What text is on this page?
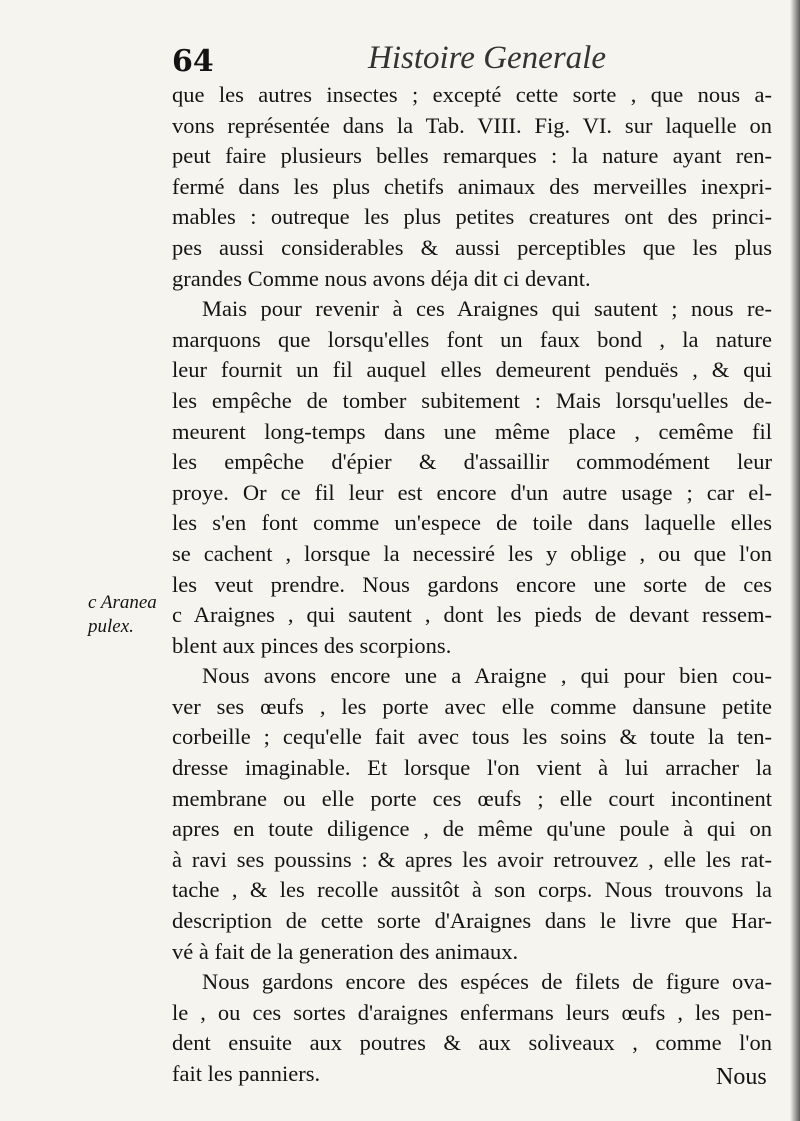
64	Histoire Generale
c Aranea
pulex.
que les autres insectes ; excepté cette sorte , que nous a-
vons représentée dans la Tab. VIII. Fig. VI. sur laquelle on
peut faire plusieurs belles remarques : la nature ayant ren-
fermé dans les plus chetifs animaux des merveilles inexpri-
mables : outreque les plus petites creatures ont des princi-
pes aussi considerables & aussi perceptibles que les plus
grandes Comme nous avons déja dit ci devant.
Mais pour revenir à ces Araignes qui sautent ; nous re-
marquons que lorsqu'elles font un faux bond , la nature
leur fournit un fil auquel elles demeurent penduës , & qui
les empêche de tomber subitement : Mais lorsqu'uelles de-
meurent long-temps dans une même place , cemême fil
les empêche d'épier & d'assaillir commodément leur
proye. Or ce fil leur est encore d'un autre usage ; car el-
les s'en font comme un'espece de toile dans laquelle elles
se cachent , lorsque la necessiré les y oblige , ou que l'on
les veut prendre. Nous gardons encore une sorte de ces
c Araignes , qui sautent , dont les pieds de devant ressem-
blent aux pinces des scorpions.
Nous avons encore une a Araigne , qui pour bien cou-
ver ses œufs , les porte avec elle comme dansune petite
corbeille ; cequ'elle fait avec tous les soins & toute la ten-
dresse imaginable. Et lorsque l'on vient à lui arracher la
membrane ou elle porte ces œufs ; elle court incontinent
apres en toute diligence , de même qu'une poule à qui on
à ravi ses poussins : & apres les avoir retrouvez , elle les rat-
tache , & les recolle aussitôt à son corps. Nous trouvons la
description de cette sorte d'Araignes dans le livre que Har-
vé à fait de la generation des animaux.
Nous gardons encore des espéces de filets de figure ova-
le , ou ces sortes d'araignes enfermans leurs œufs , les pen-
dent ensuite aux poutres & aux soliveaux , comme l'on
fait les panniers.	Nous
